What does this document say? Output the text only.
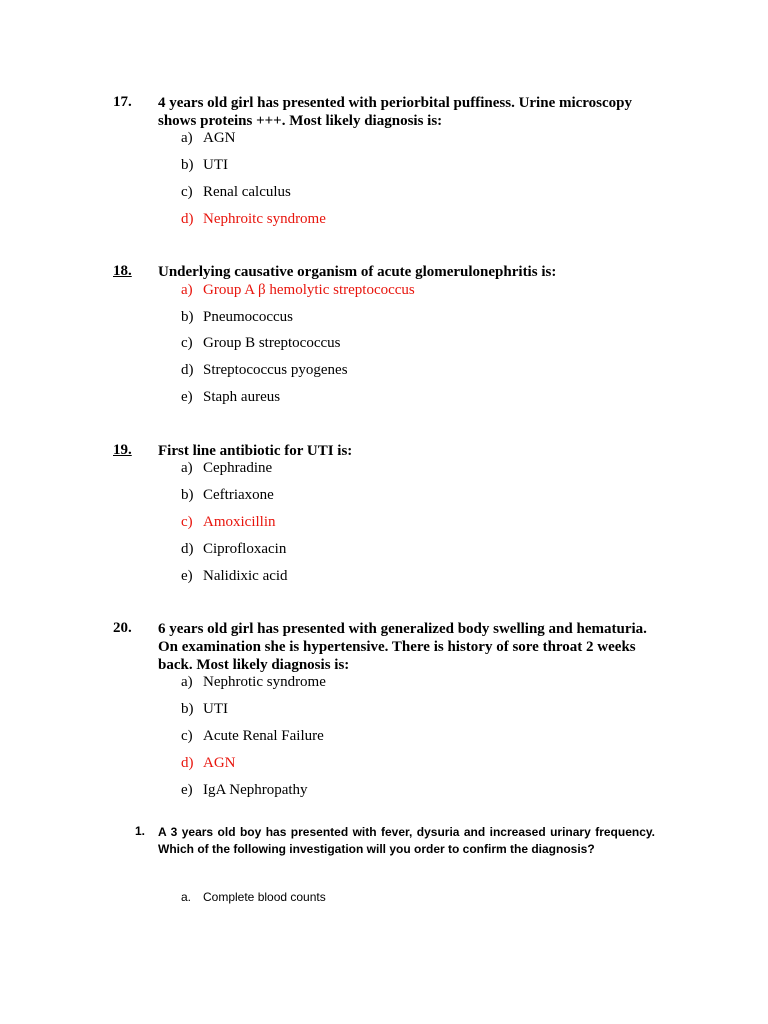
17. 4 years old girl has presented with periorbital puffiness. Urine microscopy shows proteins +++. Most likely diagnosis is:
a) AGN
b) UTI
c) Renal calculus
d) Nephroitc syndrome
18. Underlying causative organism of acute glomerulonephritis is:
a) Group A β hemolytic streptococcus
b) Pneumococcus
c) Group B streptococcus
d) Streptococcus pyogenes
e) Staph aureus
19. First line antibiotic for UTI is:
a) Cephradine
b) Ceftriaxone
c) Amoxicillin
d) Ciprofloxacin
e) Nalidixic acid
20. 6 years old girl has presented with generalized body swelling and hematuria. On examination she is hypertensive. There is history of sore throat 2 weeks back. Most likely diagnosis is:
a) Nephrotic syndrome
b) UTI
c) Acute Renal Failure
d) AGN
e) IgA Nephropathy
1. A 3 years old boy has presented with fever, dysuria and increased urinary frequency. Which of the following investigation will you order to confirm the diagnosis?
a. Complete blood counts
